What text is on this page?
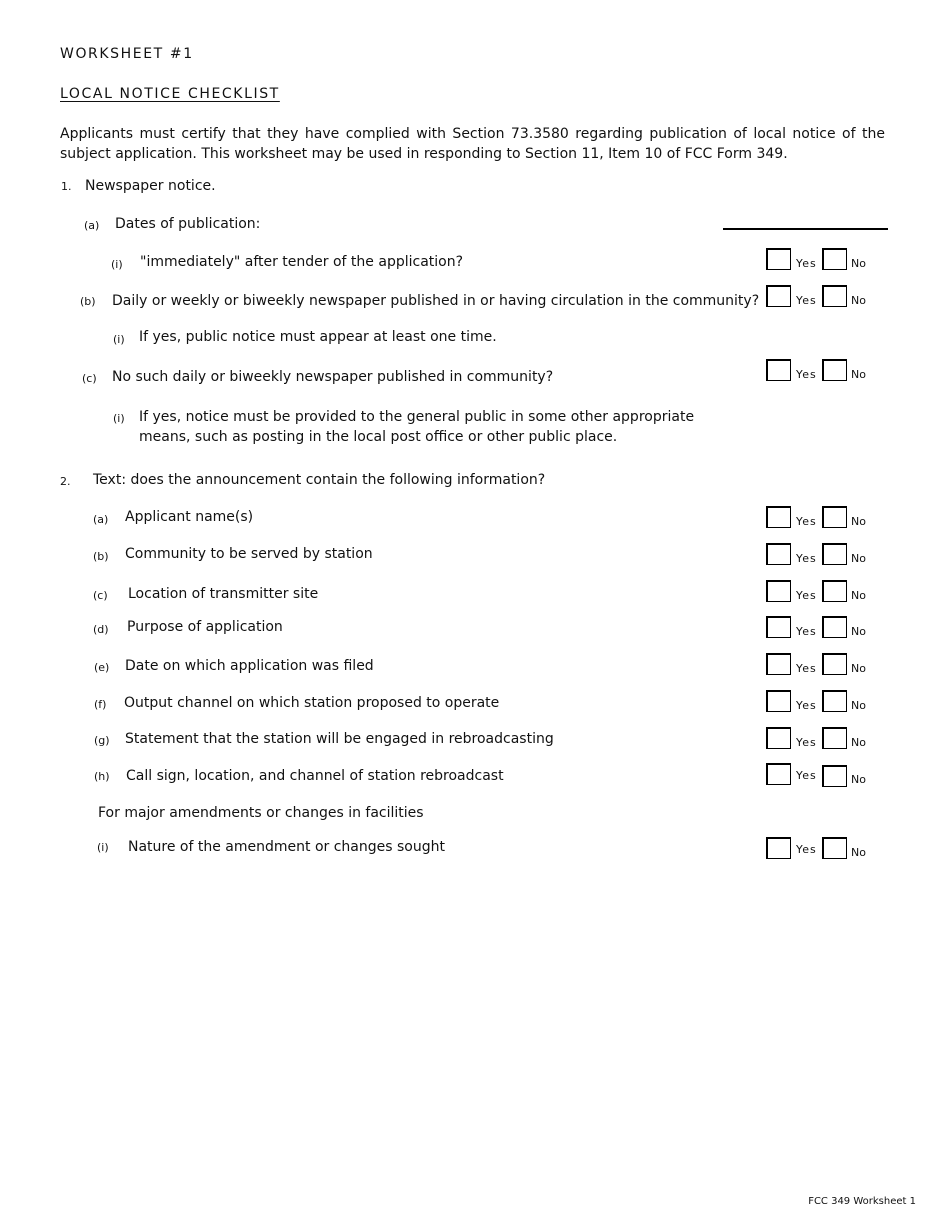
WORKSHEET #1
LOCAL NOTICE CHECKLIST
Applicants must certify that they have complied with Section 73.3580 regarding publication of local notice of the subject application. This worksheet may be used in responding to Section 11, Item 10 of FCC Form 349.
1. Newspaper notice.
(a) Dates of publication:
(i) "immediately" after tender of the application?	Yes	No
(b) Daily or weekly or biweekly newspaper published in or having circulation in the community?	Yes	No
(i) If yes, public notice must appear at least one time.
(c) No such daily or biweekly newspaper published in community?	Yes	No
(i) If yes, notice must be provided to the general public in some other appropriate means, such as posting in the local post office or other public place.
2. Text: does the announcement contain the following information?
(a) Applicant name(s)	Yes	No
(b) Community to be served by station	Yes	No
(c) Location of transmitter site	Yes	No
(d) Purpose of application	Yes	No
(e) Date on which application was filed	Yes	No
(f) Output channel on which station proposed to operate	Yes	No
(g) Statement that the station will be engaged in rebroadcasting	Yes	No
(h) Call sign, location, and channel of station rebroadcast	Yes	No
For major amendments or changes in facilities
(i) Nature of the amendment or changes sought	Yes	No
FCC 349 Worksheet 1
